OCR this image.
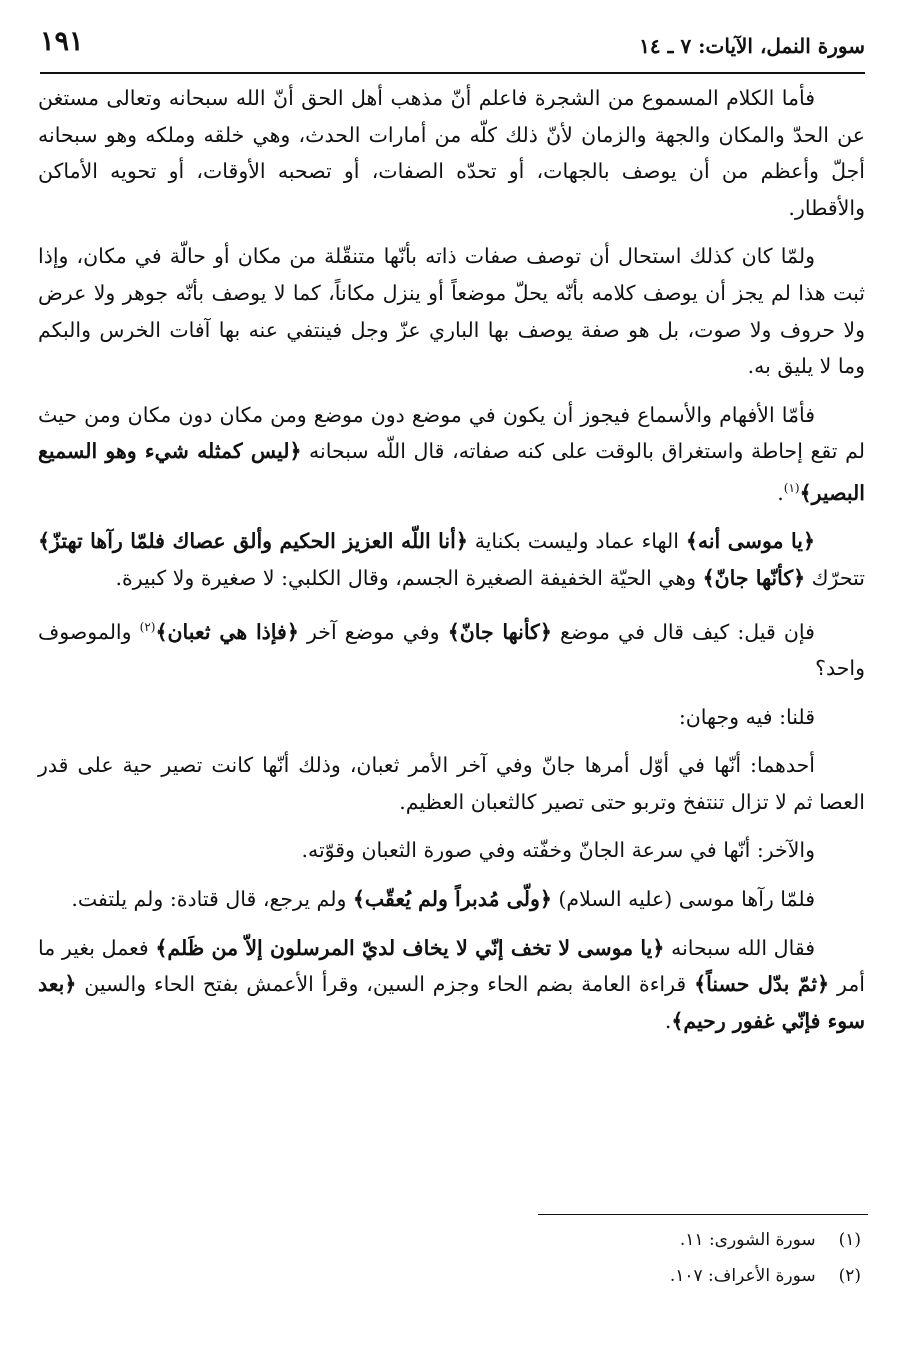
سورة النمل، الآيات: ٧ ـ ١٤
١٩١

فأما الكلام المسموع من الشجرة فاعلم أنّ مذهب أهل الحق أنّ الله سبحانه وتعالى مستغن عن الحدّ والمكان والجهة والزمان لأنّ ذلك كلّه من أمارات الحدث، وهي خلقه وملكه وهو سبحانه أجلّ وأعظم من أن يوصف بالجهات، أو تحدّه الصفات، أو تصحبه الأوقات، أو تحويه الأماكن والأقطار.

ولمّا كان كذلك استحال أن توصف صفات ذاته بأنّها متنقّلة من مكان أو حالّة في مكان، وإذا ثبت هذا لم يجز أن يوصف كلامه بأنّه يحلّ موضعاً أو ينزل مكاناً، كما لا يوصف بأنّه جوهر ولا عرض ولا حروف ولا صوت، بل هو صفة يوصف بها الباري عزّ وجل فينتفي عنه بها آفات الخرس والبكم وما لا يليق به.

فأمّا الأفهام والأسماع فيجوز أن يكون في موضع دون موضع ومن مكان دون مكان ومن حيث لم تقع إحاطة واستغراق بالوقت على كنه صفاته، قال اللّه سبحانه ﴿ليس كمثله شيء وهو السميع البصير﴾$^{(١)}$.

﴿يا موسى أنه﴾ الهاء عماد وليست بكناية ﴿أنا اللّه العزيز الحكيم وألق عصاك فلمّا رآها تهتزّ﴾ تتحرّك ﴿كأنّها جانّ﴾ وهي الحيّة الخفيفة الصغيرة الجسم، وقال الكلبي: لا صغيرة ولا كبيرة.

فإن قيل: كيف قال في موضع ﴿كأنها جانّ﴾ وفي موضع آخر ﴿فإذا هي ثعبان﴾$^{(٢)}$ والموصوف واحد؟

قلنا: فيه وجهان:

أحدهما: أنّها في أوّل أمرها جانّ وفي آخر الأمر ثعبان، وذلك أنّها كانت تصير حية على قدر العصا ثم لا تزال تنتفخ وتربو حتى تصير كالثعبان العظيم.

والآخر: أنّها في سرعة الجانّ وخفّته وفي صورة الثعبان وقوّته.

فلمّا رآها موسى (عليه السلام) ﴿ولّى مُدبراً ولم يُعقّب﴾ ولم يرجع، قال قتادة: ولم يلتفت.

فقال الله سبحانه ﴿يا موسى لا تخف إنّي لا يخاف لديّ المرسلون إلاّ من ظَلم﴾ فعمل بغير ما أمر ﴿ثمّ بدّل حسناً﴾ قراءة العامة بضم الحاء وجزم السين، وقرأ الأعمش بفتح الحاء والسين ﴿بعد سوء فإنّي غفور رحيم﴾.

(١) سورة الشورى: ١١.
(٢) سورة الأعراف: ١٠٧.
